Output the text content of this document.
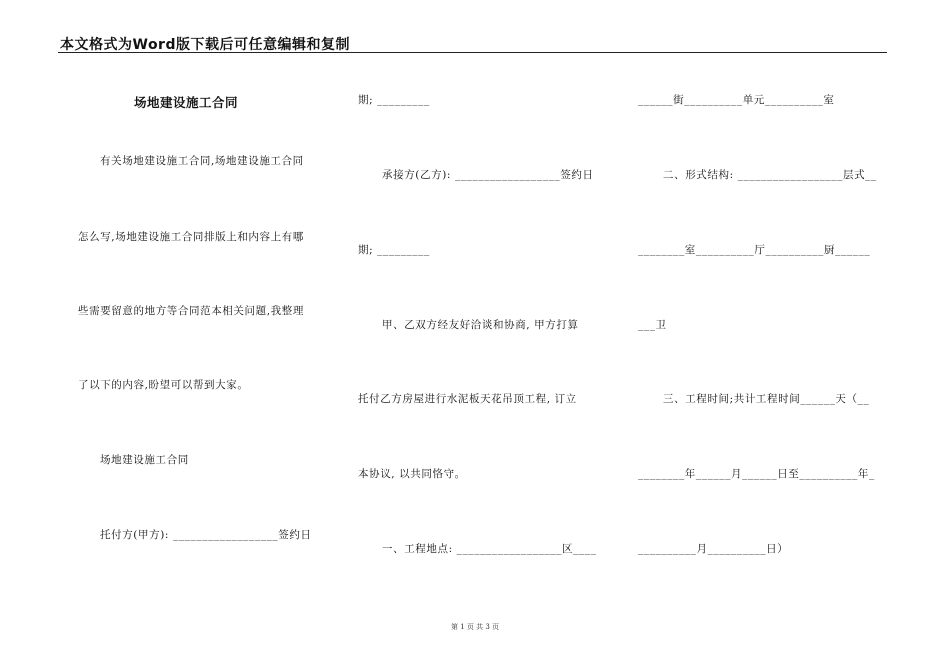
本文格式为Word版下载后可任意编辑和复制
场地建设施工合同
有关场地建设施工合同,场地建设施工合同
怎么写,场地建设施工合同排版上和内容上有哪
些需要留意的地方等合同范本相关问题,我整理
了以下的内容,盼望可以帮到大家。
场地建设施工合同
托付方(甲方): __________________签约日
期; _________
承接方(乙方): __________________签约日
期; _________
甲、乙双方经友好洽谈和协商, 甲方打算
托付乙方房屋进行水泥板天花吊顶工程, 订立
本协议, 以共同恪守。
一、工程地点: __________________区____
______街__________单元__________室
二、形式结构: __________________层式__
________室__________厅__________厨______
___卫
三、工程时间;共计工程时间______天（__
________年______月______日至__________年_
__________月__________日）
第 1 页 共 3 页
